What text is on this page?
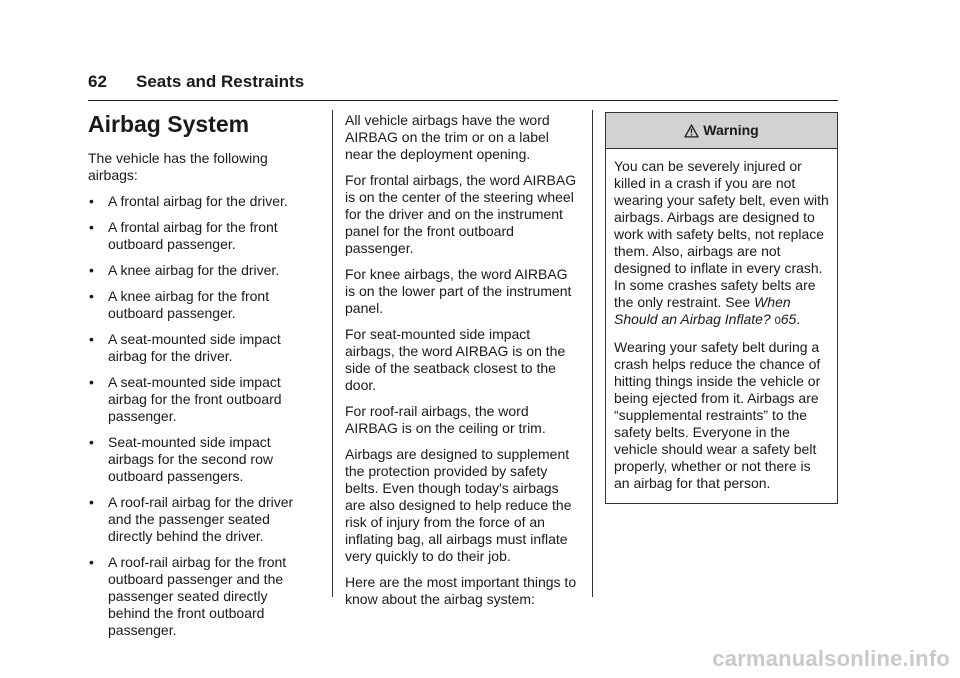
62 Seats and Restraints
Airbag System

The vehicle has the following airbags:

• A frontal airbag for the driver.
• A frontal airbag for the front outboard passenger.
• A knee airbag for the driver.
• A knee airbag for the front outboard passenger.
• A seat-mounted side impact airbag for the driver.
• A seat-mounted side impact airbag for the front outboard passenger.
• Seat-mounted side impact airbags for the second row outboard passengers.
• A roof-rail airbag for the driver and the passenger seated directly behind the driver.
• A roof-rail airbag for the front outboard passenger and the passenger seated directly behind the front outboard passenger.

All vehicle airbags have the word AIRBAG on the trim or on a label near the deployment opening.

For frontal airbags, the word AIRBAG is on the center of the steering wheel for the driver and on the instrument panel for the front outboard passenger.

For knee airbags, the word AIRBAG is on the lower part of the instrument panel.

For seat-mounted side impact airbags, the word AIRBAG is on the side of the seatback closest to the door.

For roof-rail airbags, the word AIRBAG is on the ceiling or trim.

Airbags are designed to supplement the protection provided by safety belts. Even though today's airbags are also designed to help reduce the risk of injury from the force of an inflating bag, all airbags must inflate very quickly to do their job.

Here are the most important things to know about the airbag system:

Warning

You can be severely injured or killed in a crash if you are not wearing your safety belt, even with airbags. Airbags are designed to work with safety belts, not replace them. Also, airbags are not designed to inflate in every crash. In some crashes safety belts are the only restraint. See When Should an Airbag Inflate? 065.

Wearing your safety belt during a crash helps reduce the chance of hitting things inside the vehicle or being ejected from it. Airbags are “supplemental restraints” to the safety belts. Everyone in the vehicle should wear a safety belt properly, whether or not there is an airbag for that person.

carmanualsonline.info
